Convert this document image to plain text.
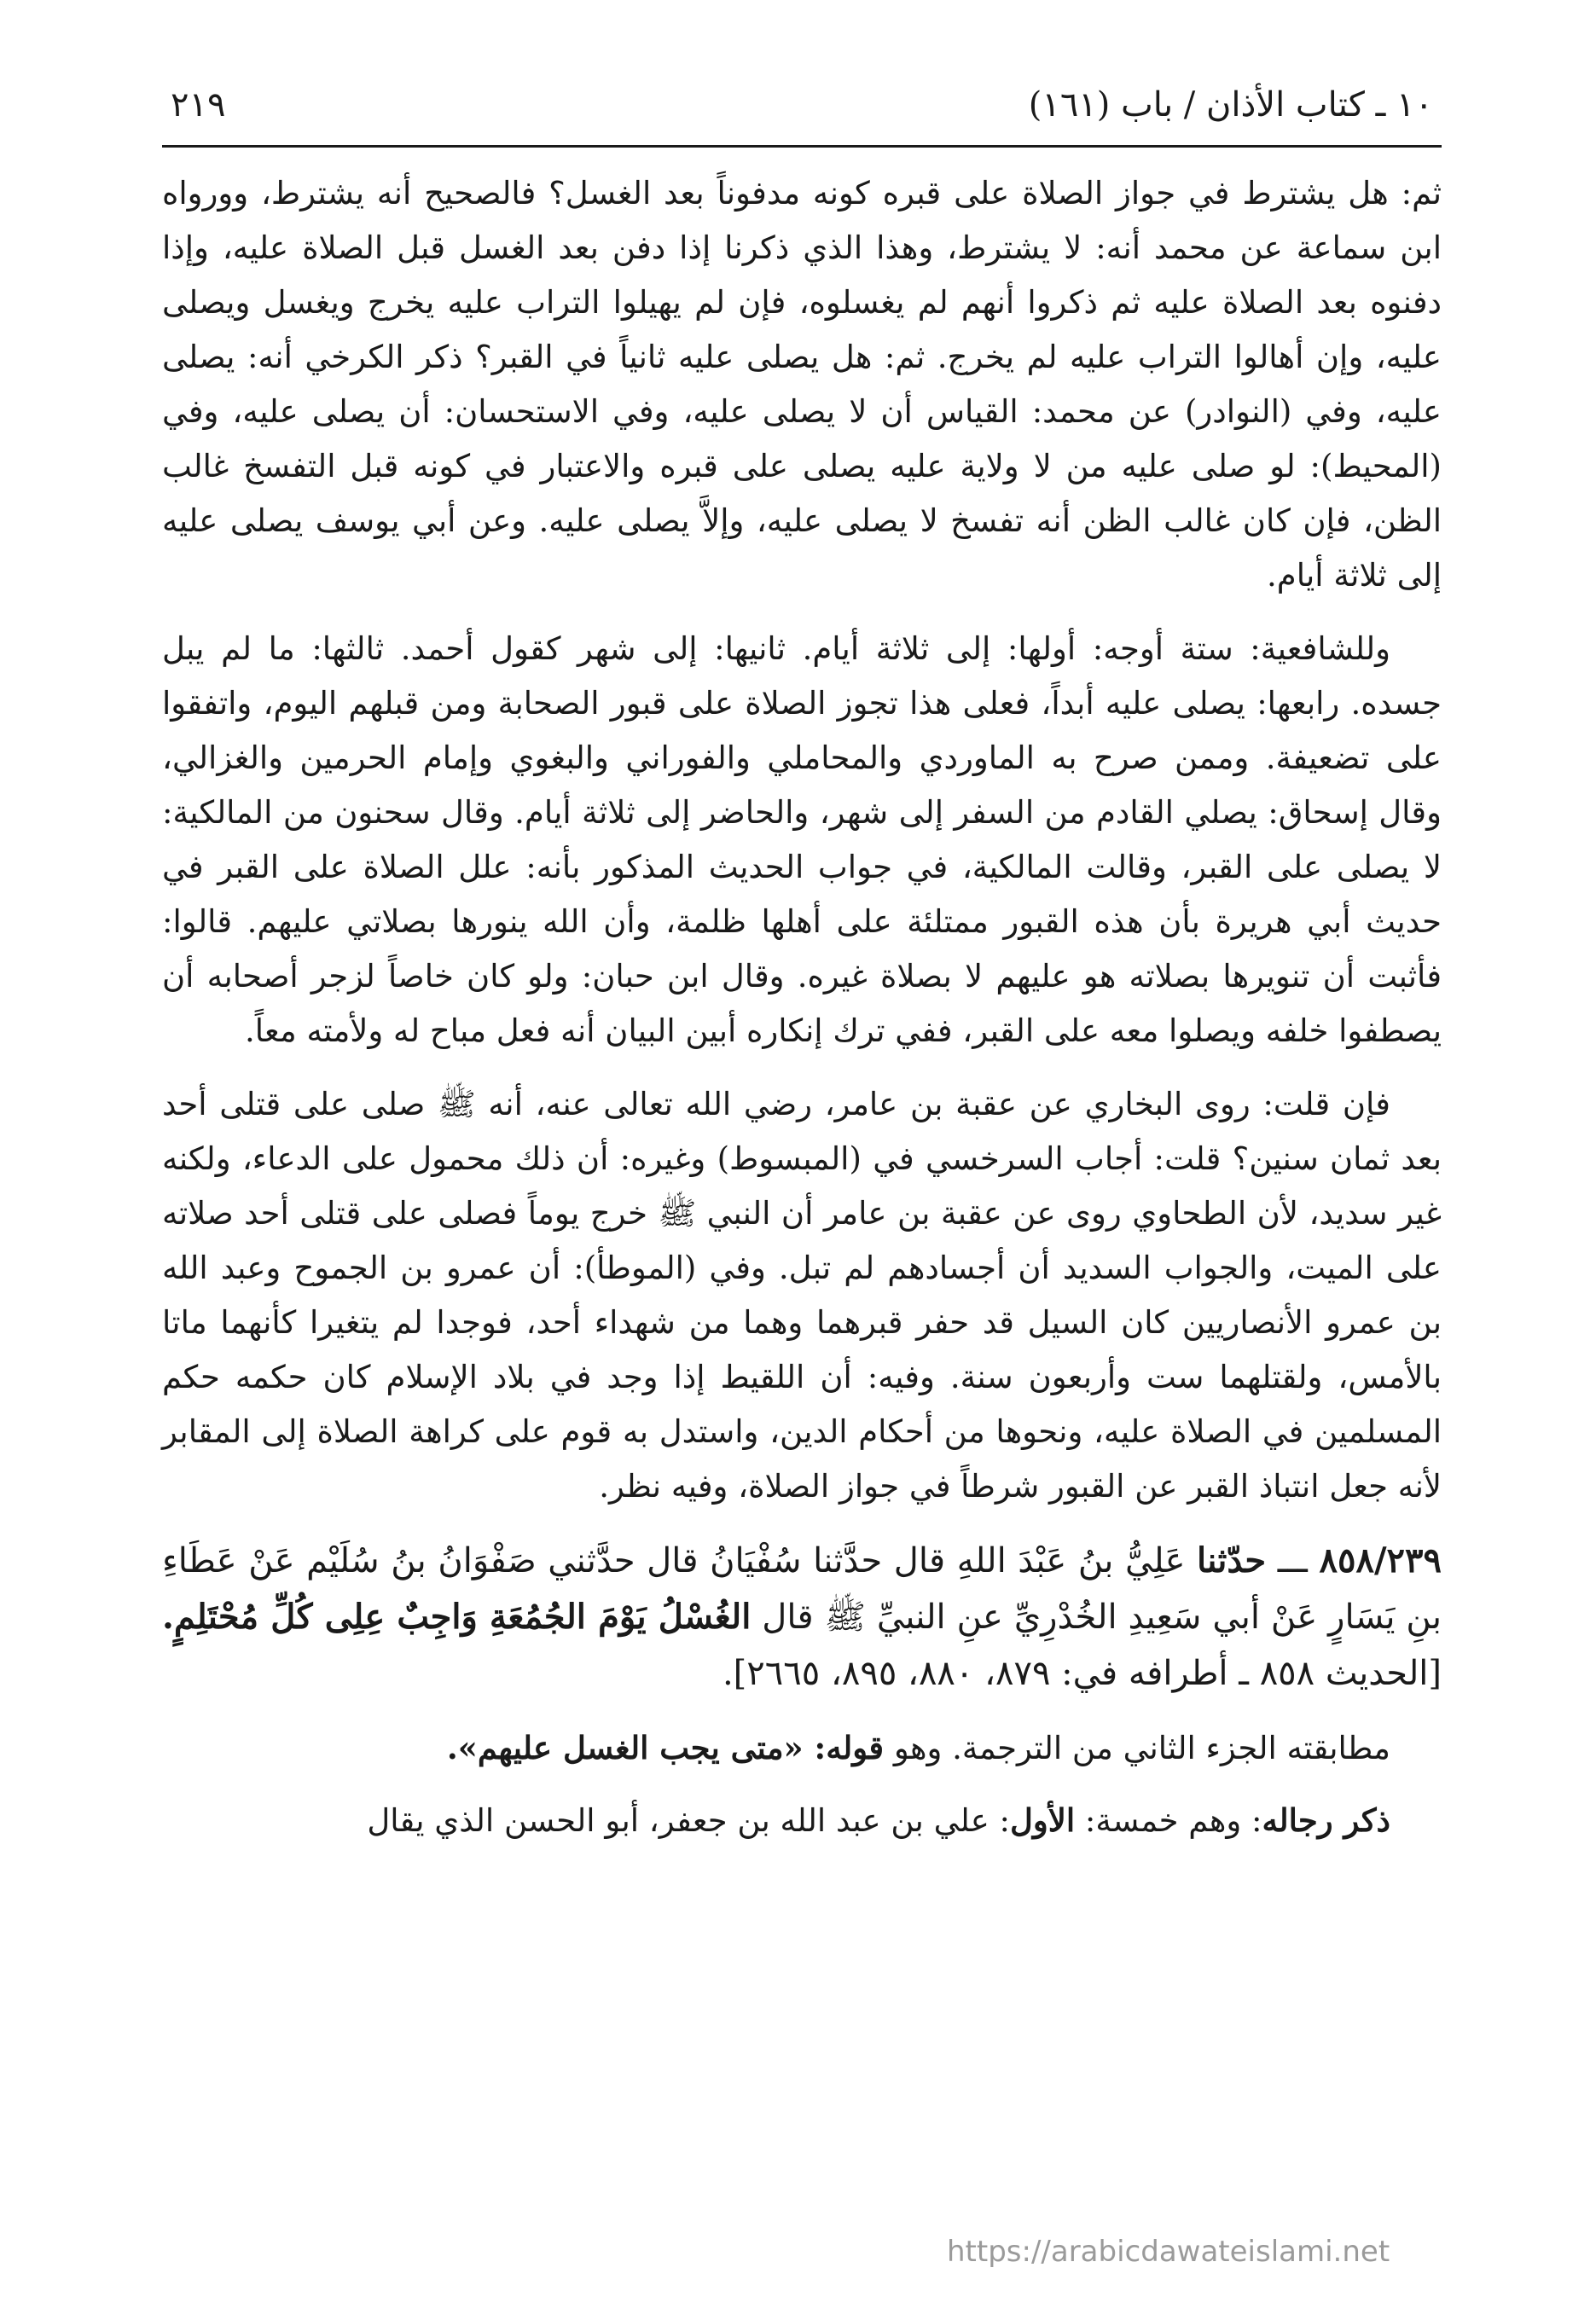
١٠ ـ كتاب الأذان / باب (١٦١)
٢١٩

ثم: هل يشترط في جواز الصلاة على قبره كونه مدفوناً بعد الغسل؟ فالصحيح أنه يشترط، وورواه ابن سماعة عن محمد أنه: لا يشترط، وهذا الذي ذكرنا إذا دفن بعد الغسل قبل الصلاة عليه، وإذا دفنوه بعد الصلاة عليه ثم ذكروا أنهم لم يغسلوه، فإن لم يهيلوا التراب عليه يخرج ويغسل ويصلى عليه، وإن أهالوا التراب عليه لم يخرج. ثم: هل يصلى عليه ثانياً في القبر؟ ذكر الكرخي أنه: يصلى عليه، وفي (النوادر) عن محمد: القياس أن لا يصلى عليه، وفي الاستحسان: أن يصلى عليه، وفي (المحيط): لو صلى عليه من لا ولاية عليه يصلى على قبره والاعتبار في كونه قبل التفسخ غالب الظن، فإن كان غالب الظن أنه تفسخ لا يصلى عليه، وإلاَّ يصلى عليه. وعن أبي يوسف يصلى عليه إلى ثلاثة أيام.

وللشافعية: ستة أوجه: أولها: إلى ثلاثة أيام. ثانيها: إلى شهر كقول أحمد. ثالثها: ما لم يبل جسده. رابعها: يصلى عليه أبداً، فعلى هذا تجوز الصلاة على قبور الصحابة ومن قبلهم اليوم، واتفقوا على تضعيفة. وممن صرح به الماوردي والمحاملي والفوراني والبغوي وإمام الحرمين والغزالي، وقال إسحاق: يصلي القادم من السفر إلى شهر، والحاضر إلى ثلاثة أيام. وقال سحنون من المالكية: لا يصلى على القبر، وقالت المالكية، في جواب الحديث المذكور بأنه: علل الصلاة على القبر في حديث أبي هريرة بأن هذه القبور ممتلئة على أهلها ظلمة، وأن الله ينورها بصلاتي عليهم. قالوا: فأثبت أن تنويرها بصلاته هو عليهم لا بصلاة غيره. وقال ابن حبان: ولو كان خاصاً لزجر أصحابه أن يصطفوا خلفه ويصلوا معه على القبر، ففي ترك إنكاره أبين البيان أنه فعل مباح له ولأمته معاً.

فإن قلت: روى البخاري عن عقبة بن عامر، رضي الله تعالى عنه، أنه ﷺ صلى على قتلى أحد بعد ثمان سنين؟ قلت: أجاب السرخسي في (المبسوط) وغيره: أن ذلك محمول على الدعاء، ولكنه غير سديد، لأن الطحاوي روى عن عقبة بن عامر أن النبي ﷺ خرج يوماً فصلى على قتلى أحد صلاته على الميت، والجواب السديد أن أجسادهم لم تبل. وفي (الموطأ): أن عمرو بن الجموح وعبد الله بن عمرو الأنصاريين كان السيل قد حفر قبرهما وهما من شهداء أحد، فوجدا لم يتغيرا كأنهما ماتا بالأمس، ولقتلهما ست وأربعون سنة. وفيه: أن اللقيط إذا وجد في بلاد الإسلام كان حكمه حكم المسلمين في الصلاة عليه، ونحوها من أحكام الدين، واستدل به قوم على كراهة الصلاة إلى المقابر لأنه جعل انتباذ القبر عن القبور شرطاً في جواز الصلاة، وفيه نظر.

٨٥٨/٢٣٩ ـــ حدّثنا عَلِيُّ بنُ عَبْدَ اللهِ قال حدَّثنا سُفْيَانُ قال حدَّثني صَفْوَانُ بنُ سُلَيْم عَنْ عَطَاءِ بنِ يَسَارٍ عَنْ أبي سَعِيدِ الخُدْرِيِّ عنِ النبيِّ ﷺ قال الغُسْلُ يَوْمَ الجُمُعَةِ وَاجِبٌ عِلِى كُلِّ مُحْتَلِمٍ. [الحديث ٨٥٨ ـ أطرافه في: ٨٧٩، ٨٨٠، ٨٩٥، ٢٦٦٥].

مطابقته الجزء الثاني من الترجمة. وهو قوله: «متى يجب الغسل عليهم».

ذكر رجاله: وهم خمسة: الأول: علي بن عبد الله بن جعفر، أبو الحسن الذي يقال

https://arabicdawateislami.net
